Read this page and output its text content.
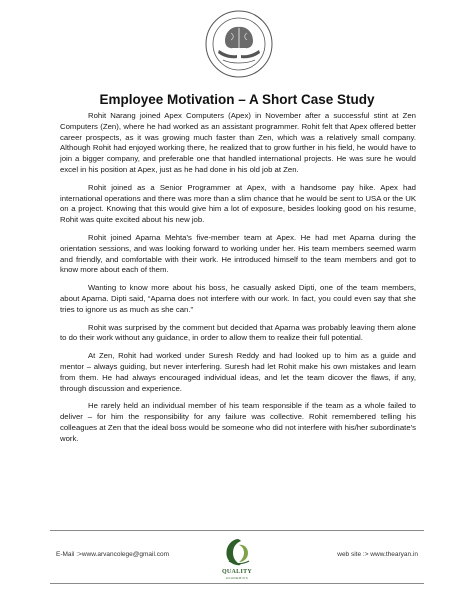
Employee Motivation – A Short Case Study

Rohit Narang joined Apex Computers (Apex) in November after a successful stint at Zen Computers (Zen), where he had worked as an assistant programmer. Rohit felt that Apex offered better career prospects, as it was growing much faster than Zen, which was a relatively small company. Although Rohit had enjoyed working there, he realized that to grow further in his field, he would have to join a bigger company, and preferable one that handled international projects. He was sure he would excel in his position at Apex, just as he had done in his old job at Zen.

Rohit joined as a Senior Programmer at Apex, with a handsome pay hike. Apex had international operations and there was more than a slim chance that he would be sent to USA or the UK on a project. Knowing that this would give him a lot of exposure, besides looking good on his resume, Rohit was quite excited about his new job.

Rohit joined Aparna Mehta's five-member team at Apex. He had met Aparna during the orientation sessions, and was looking forward to working under her. His team members seemed warm and friendly, and comfortable with their work. He introduced himself to the team members and got to know more about each of them.

Wanting to know more about his boss, he casually asked Dipti, one of the team members, about Aparna. Dipti said, “Aparna does not interfere with our work. In fact, you could even say that she tries to ignore us as much as she can.”

Rohit was surprised by the comment but decided that Aparna was probably leaving them alone to do their work without any guidance, in order to allow them to realize their full potential.

At Zen, Rohit had worked under Suresh Reddy and had looked up to him as a guide and mentor – always guiding, but never interfering. Suresh had let Rohit make his own mistakes and learn from them. He had always encouraged individual ideas, and let the team dicover the flaws, if any, through discussion and experience.

He rarely held an individual member of his team responsible if the team as a whole failed to deliver – for him the responsibility for any failure was collective. Rohit remembered telling his colleagues at Zen that the ideal boss would be someone who did not interfere with his/her subordinate's work.

E-Mail :>www.arvancolege@gmail.com
QUALITY
ACADEMICS
web site :> www.thearyan.in
